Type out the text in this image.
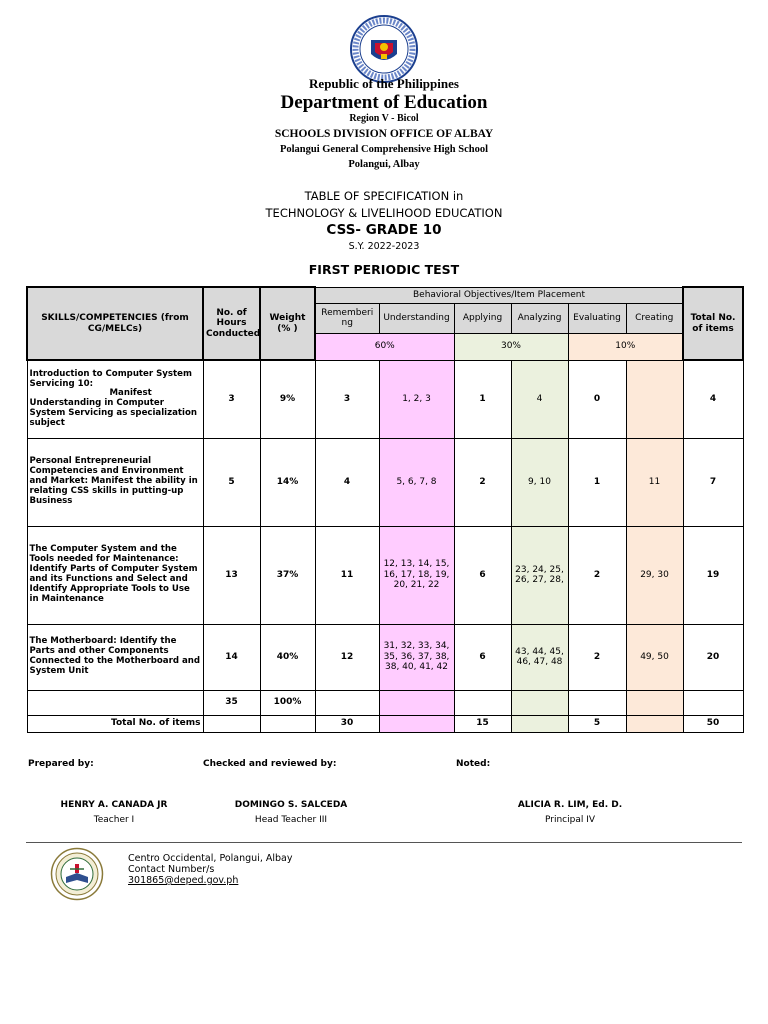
Republic of the Philippines
Department of Education
Region V - Bicol
SCHOOLS DIVISION OFFICE OF ALBAY
Polangui General Comprehensive High School
Polangui, Albay
TABLE OF SPECIFICATION in
TECHNOLOGY & LIVELIHOOD EDUCATION
CSS- GRADE 10
S.Y. 2022-2023
FIRST PERIODIC TEST
SKILLS/COMPETENCIES (from CG/MELCs)	No. of Hours Conducted	Weight (% )	Behavioral Objectives/Item Placement						Total No. of items
			Rememberi ng	Understanding	Applying	Analyzing	Evaluating	Creating	
			60%		30%		10%		
Introduction to Computer System Servicing 10:
Manifest
Understanding in Computer System Servicing as specialization subject	3	9%	3	1, 2, 3	1	4	0		4
Personal Entrepreneurial Competencies and Environment and Market: Manifest the ability in relating CSS skills in putting-up Business	5	14%	4	5, 6, 7, 8	2	9, 10	1	11	7
The Computer System and the Tools needed for Maintenance: Identify Parts of Computer System and its Functions and Select and Identify Appropriate Tools to Use in Maintenance	13	37%	11	12, 13, 14, 15, 16, 17, 18, 19, 20, 21, 22	6	23, 24, 25, 26, 27, 28,	2	29, 30	19
The Motherboard: Identify the Parts and other Components Connected to the Motherboard and System Unit	14	40%	12	31, 32, 33, 34, 35, 36, 37, 38, 38, 40, 41, 42	6	43, 44, 45, 46, 47, 48	2	49, 50	20
	35	100%							
Total No. of items			30		15		5		50
Prepared by:	Checked and reviewed by:	Noted:
HENRY A. CANADA JR
Teacher I
DOMINGO S. SALCEDA
Head Teacher III
ALICIA R. LIM, Ed. D.
Principal IV
Centro Occidental, Polangui, Albay
Contact Number/s
301865@deped.gov.ph
